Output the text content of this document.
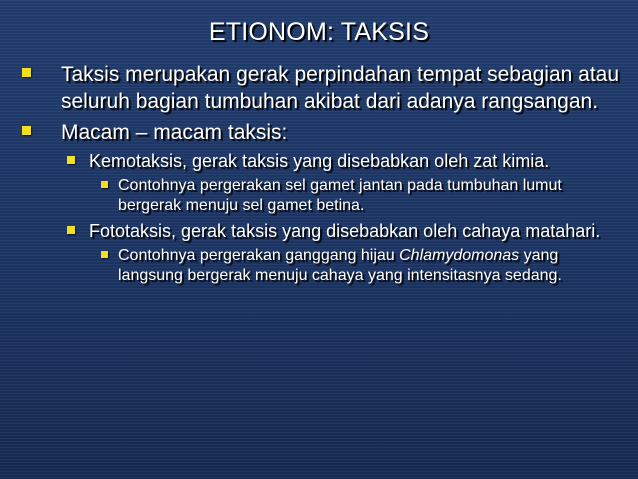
ETIONOM: TAKSIS
Taksis merupakan gerak perpindahan tempat sebagian atau seluruh bagian tumbuhan akibat dari adanya rangsangan.
Macam – macam taksis:
Kemotaksis, gerak taksis yang disebabkan oleh zat kimia.
Contohnya pergerakan sel gamet jantan pada tumbuhan lumut bergerak menuju sel gamet betina.
Fototaksis, gerak taksis yang disebabkan oleh cahaya matahari.
Contohnya pergerakan ganggang hijau Chlamydomonas yang langsung bergerak menuju cahaya yang intensitasnya sedang.
